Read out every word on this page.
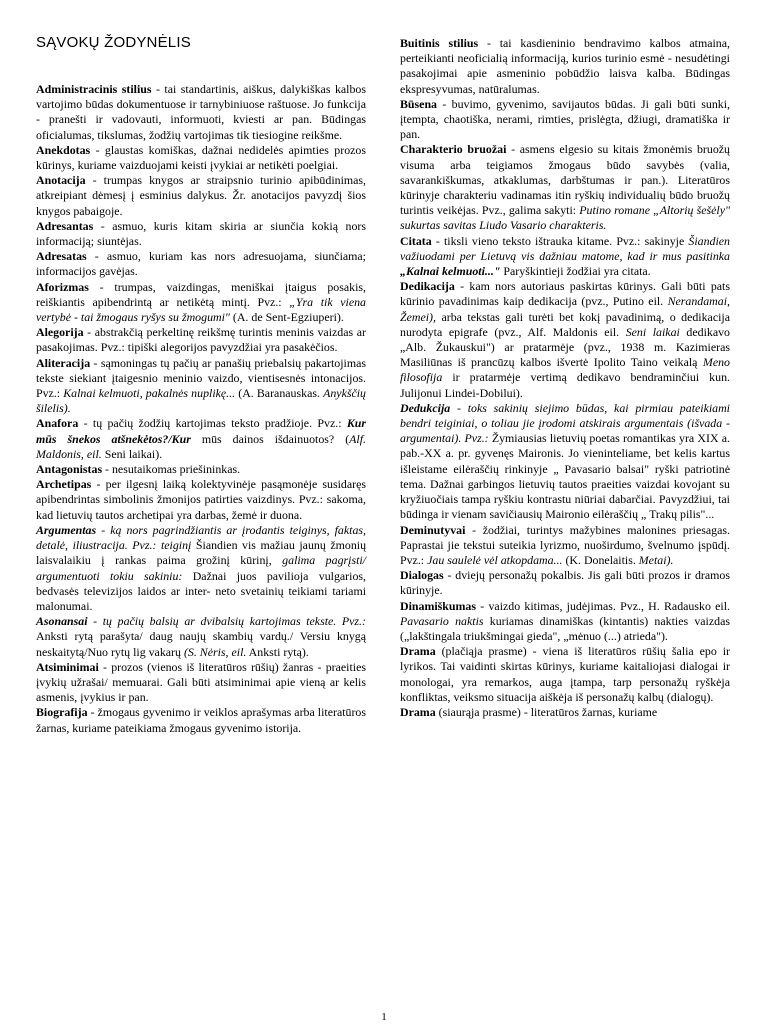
SĄVOKŲ ŽODYNĖLIS

Administracinis stilius - tai standartinis, aiškus, dalykiškas kalbos vartojimo būdas dokumentuose ir tarnybiniuose raštuose. Jo funkcija - pranešti ir vadovauti, informuoti, kviesti ar pan. Būdingas oficialumas, tikslumas, žodžių vartojimas tik tiesiogine reikšme.

Anekdotas - glaustas komiškas, dažnai nedidelės apimties prozos kūrinys, kuriame vaizduojami keisti įvykiai ar netikėti poelgiai.

Anotacija - trumpas knygos ar straipsnio turinio apibūdinimas, atkreipiant dėmesį į esminius dalykus. Žr. anotacijos pavyzdį šios knygos pabaigoje.

Adresantas - asmuo, kuris kitam skiria ar siunčia kokią nors informaciją; siuntėjas.

Adresatas - asmuo, kuriam kas nors adresuojama, siunčiama; informacijos gavėjas.

Aforizmas - trumpas, vaizdingas, meniškai įtaigus posakis, reiškiantis apibendrintą ar netikėtą mintį. Pvz.: „Yra tik viena vertybė - tai žmogaus ryšys su žmogumi" (A. de Sent-Egziuperi).

Alegorija - abstrakčią perkeltinę reikšmę turintis meninis vaizdas ar pasakojimas. Pvz.: tipiški alegorijos pavyzdžiai yra pasakėčios.

Aliteracija - sąmoningas tų pačių ar panašių priebalsių pakartojimas tekste siekiant įtaigesnio meninio vaizdo, vientisesnės intonacijos. Pvz.: Kalnai kelmuoti, pakalnės nuplikę... (A. Baranauskas. Anykščių šilelis).

Anafora - tų pačių žodžių kartojimas teksto pradžioje. Pvz.: Kur mūs šnekos atšnekėtos?/Kur mūs dainos išdainuotos? (Alf. Maldonis, eil. Seni laikai).

Antagonistas - nesutaikomas priešininkas.

Archetipas - per ilgesnį laiką kolektyvinėje pasąmonėje susidaręs apibendrintas simbolinis žmonijos patirties vaizdinys. Pvz.: sakoma, kad lietuvių tautos archetipai yra darbas, žemė ir duona.

Argumentas - ką nors pagrindžiantis ar įrodantis teiginys, faktas, detalė, iliustracija. Pvz.: teiginį Šiandien vis mažiau jaunų žmonių laisvalaikiu į rankas paima grožinį kūrinį, galima pagrįsti/ argumentuoti tokiu sakiniu: Dažnai juos pavilioja vulgarios, bedvasės televizijos laidos ar inter- neto svetainių teikiami tariami malonumai.

Asonansai - tų pačių balsių ar dvibalsių kartojimas tekste. Pvz.: Anksti rytą parašyta/ daug naujų skambių vardų./ Versiu knygą neskaitytą/Nuo rytų lig vakarų (S. Nėris, eil. Anksti rytą).

Atsiminimai - prozos (vienos iš literatūros rūšių) žanras - praeities įvykių užrašai/ memuarai. Gali būti atsiminimai apie vieną ar kelis asmenis, įvykius ir pan.

Biografija - žmogaus gyvenimo ir veiklos aprašymas arba literatūros žarnas, kuriame pateikiama žmogaus gyvenimo istorija.

Buitinis stilius - tai kasdieninio bendravimo kalbos atmaina, perteikianti neoficialią informaciją, kurios turinio esmė - nesudėtingi pasakojimai apie asmeninio pobūdžio laisva kalba. Būdingas ekspresyvumas, natūralumas.

Būsena - buvimo, gyvenimo, savijautos būdas. Ji gali būti sunki, įtempta, chaotiška, nerami, rimties, prislėgta, džiugi, dramatiška ir pan.

Charakterio bruožai - asmens elgesio su kitais žmonėmis bruožų visuma arba teigiamos žmogaus būdo savybės (valia, savarankiškumas, atkaklumas, darbštumas ir pan.). Literatūros kūrinyje charakteriu vadinamas itin ryškių individualių būdo bruožų turintis veikėjas. Pvz., galima sakyti: Putino romane „Altorių šešėly" sukurtas savitas Liudo Vasario charakteris.

Citata - tiksli vieno teksto ištrauka kitame. Pvz.: sakinyje Šiandien važiuodami per Lietuvą vis dažniau matome, kad ir mus pasitinka „Kalnai kelmuoti..." Paryškintieji žodžiai yra citata.

Dedikacija - kam nors autoriaus paskirtas kūrinys. Gali būti pats kūrinio pavadinimas kaip dedikacija (pvz., Putino eil. Nerandamai, Žemei), arba tekstas gali turėti bet kokį pavadinimą, o dedikacija nurodyta epigrafe (pvz., Alf. Maldonis eil. Seni laikai dedikavo „Alb. Žukauskui") ar pratarmėje (pvz., 1938 m. Kazimieras Masiliūnas iš prancūzų kalbos išvertė Ipolito Taino veikalą Meno filosofija ir pratarmėje vertimą dedikavo bendraminčiui kun. Julijonui Lindei-Dobilui).

Dedukcija - toks sakinių siejimo būdas, kai pirmiau pateikiami bendri teiginiai, o toliau jie įrodomi atskirais argumentais (išvada - argumentai). Pvz.: Žymiausias lietuvių poetas romantikas yra XIX a. pab.-XX a. pr. gyvenęs Maironis. Jo vieninteliame, bet kelis kartus išleistame eilėraščių rinkinyje „ Pavasario balsai" ryški patriotinė tema. Dažnai garbingos lietuvių tautos praeities vaizdai kovojant su kryžiuočiais tampa ryškiu kontrastu niūriai dabarčiai. Pavyzdžiui, tai būdinga ir vienam savičiausių Maironio eilėraščių „ Trakų pilis"...

Deminutyvai - žodžiai, turintys mažybines malonines priesagas. Paprastai jie tekstui suteikia lyrizmo, nuoširdumo, švelnumo įspūdį. Pvz.: Jau saulelė vėl atkopdama... (K. Donelaitis. Metai).

Dialogas - dviejų personažų pokalbis. Jis gali būti prozos ir dramos kūrinyje.

Dinamiškumas - vaizdo kitimas, judėjimas. Pvz., H. Radausko eil. Pavasario naktis kuriamas dinamiškas (kintantis) nakties vaizdas („lakštingala triukšmingai gieda", „mėnuo (...) atrieda").

Drama (plačiąja prasme) - viena iš literatūros rūšių šalia epo ir lyrikos. Tai vaidinti skirtas kūrinys, kuriame kaitaliojasi dialogai ir monologai, yra remarkos, auga įtampa, tarp personažų ryškėja konfliktas, veiksmo situacija aiškėja iš personažų kalbų (dialogų).

Drama (siaurąja prasme) - literatūros žarnas, kuriame

1
